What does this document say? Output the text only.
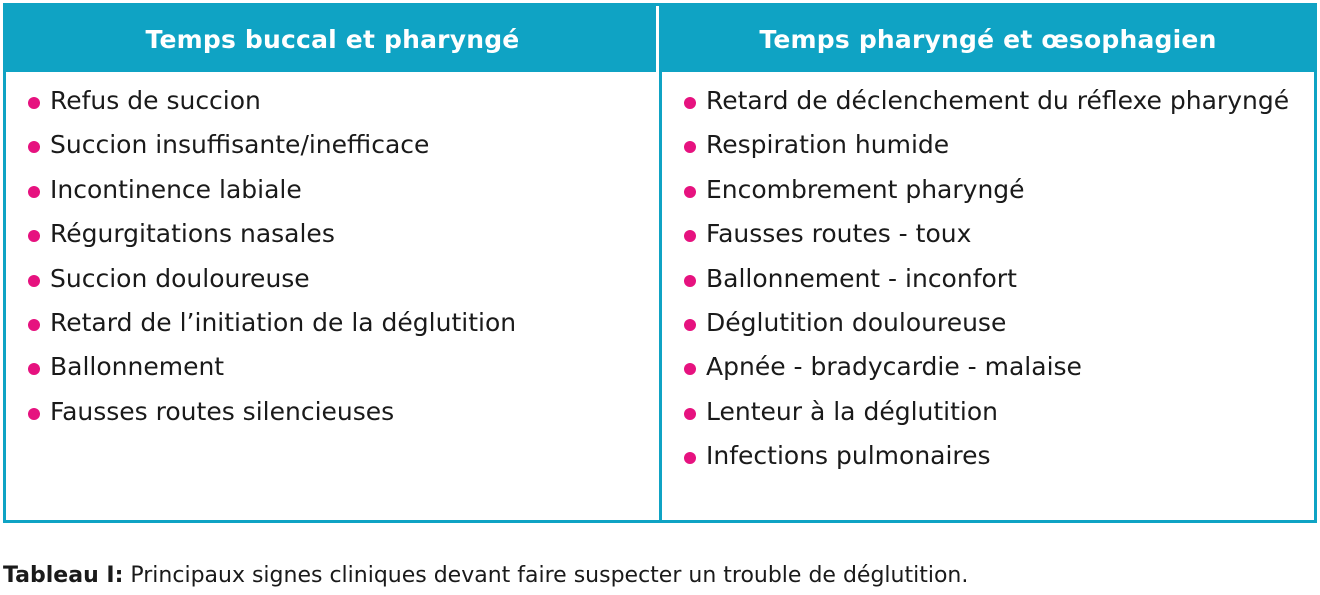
Temps buccal et pharyngé
Refus de succion
Succion insuffisante/inefficace
Incontinence labiale
Régurgitations nasales
Succion douloureuse
Retard de l’initiation de la déglutition
Ballonnement
Fausses routes silencieuses
Temps pharyngé et œsophagien
Retard de déclenchement du réflexe pharyngé
Respiration humide
Encombrement pharyngé
Fausses routes - toux
Ballonnement - inconfort
Déglutition douloureuse
Apnée - bradycardie - malaise
Lenteur à la déglutition
Infections pulmonaires
Tableau I: Principaux signes cliniques devant faire suspecter un trouble de déglutition.
